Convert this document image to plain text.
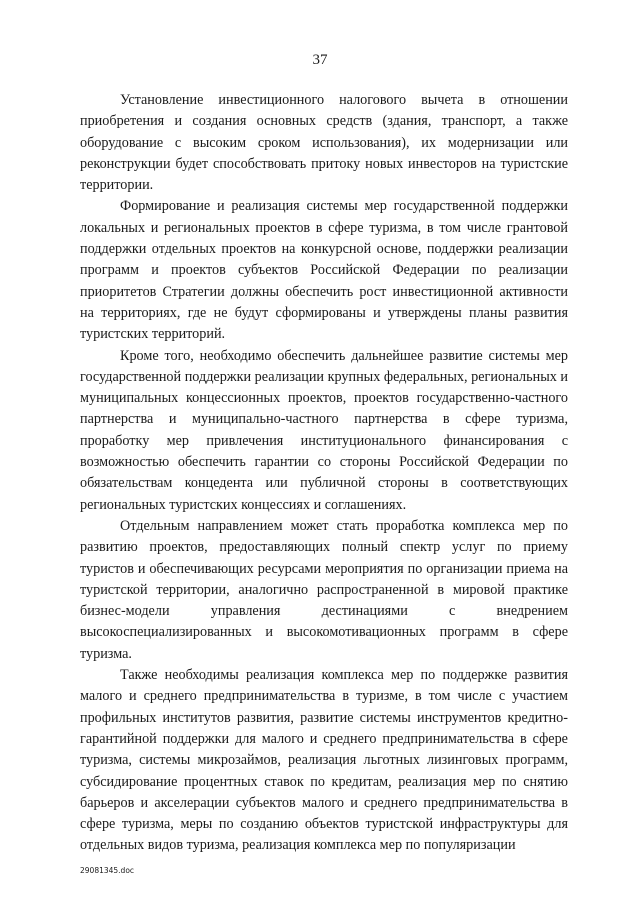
37

Установление инвестиционного налогового вычета в отношении приобретения и создания основных средств (здания, транспорт, а также оборудование с высоким сроком использования), их модернизации или реконструкции будет способствовать притоку новых инвесторов на туристские территории.

Формирование и реализация системы мер государственной поддержки локальных и региональных проектов в сфере туризма, в том числе грантовой поддержки отдельных проектов на конкурсной основе, поддержки реализации программ и проектов субъектов Российской Федерации по реализации приоритетов Стратегии должны обеспечить рост инвестиционной активности на территориях, где не будут сформированы и утверждены планы развития туристских территорий.

Кроме того, необходимо обеспечить дальнейшее развитие системы мер государственной поддержки реализации крупных федеральных, региональных и муниципальных концессионных проектов, проектов государственно-частного партнерства и муниципально-частного партнерства в сфере туризма, проработку мер привлечения институционального финансирования с возможностью обеспечить гарантии со стороны Российской Федерации по обязательствам концедента или публичной стороны в соответствующих региональных туристских концессиях и соглашениях.

Отдельным направлением может стать проработка комплекса мер по развитию проектов, предоставляющих полный спектр услуг по приему туристов и обеспечивающих ресурсами мероприятия по организации приема на туристской территории, аналогично распространенной в мировой практике бизнес-модели управления дестинациями с внедрением высокоспециализированных и высокомотивационных программ в сфере туризма.

Также необходимы реализация комплекса мер по поддержке развития малого и среднего предпринимательства в туризме, в том числе с участием профильных институтов развития, развитие системы инструментов кредитно-гарантийной поддержки для малого и среднего предпринимательства в сфере туризма, системы микрозаймов, реализация льготных лизинговых программ, субсидирование процентных ставок по кредитам, реализация мер по снятию барьеров и акселерации субъектов малого и среднего предпринимательства в сфере туризма, меры по созданию объектов туристской инфраструктуры для отдельных видов туризма, реализация комплекса мер по популяризации

29081345.doc
